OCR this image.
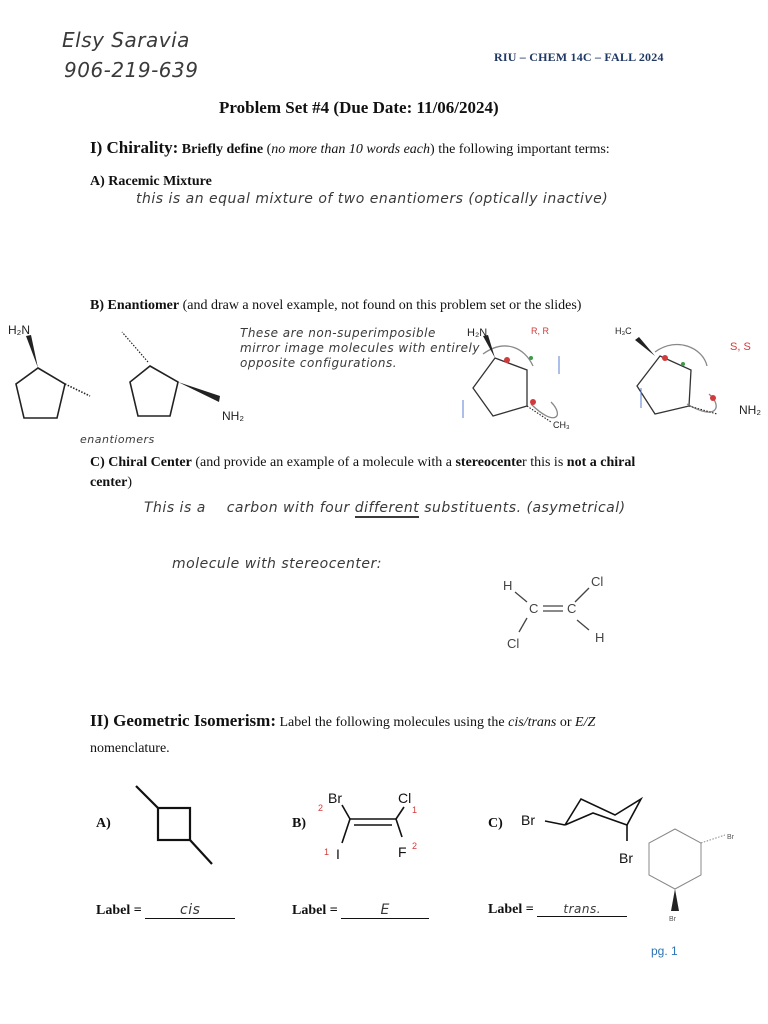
Elsy Saravia
906-219-639
RIU – CHEM 14C – FALL 2024
Problem Set #4 (Due Date: 11/06/2024)
I) Chirality: Briefly define (no more than 10 words each) the following important terms:
A) Racemic Mixture
this is an equal mixture of two enantiomers (optically inactive)
B) Enantiomer (and draw a novel example, not found on this problem set or the slides)
These are non-superimposible mirror image molecules with entirely opposite configurations.
enantiomers
H₂N
NH₂
H₂N	R, R
CH₃
H₃C
S, S
NH₂
C) Chiral Center (and provide an example of a molecule with a stereocenter this is not a chiral
center)
This is a carbon with four different substituents. (asymetrical)
molecule with stereocenter:
H	Cl
C C
Cl	H
II) Geometric Isomerism: Label the following molecules using the cis/trans or E/Z
nomenclature.
A)	B)
Br	Cl
I	F
2	1
1
2
C) Br
Br
Br
Br
Label = cis	Label =	E	Label = trans.
pg. 1
